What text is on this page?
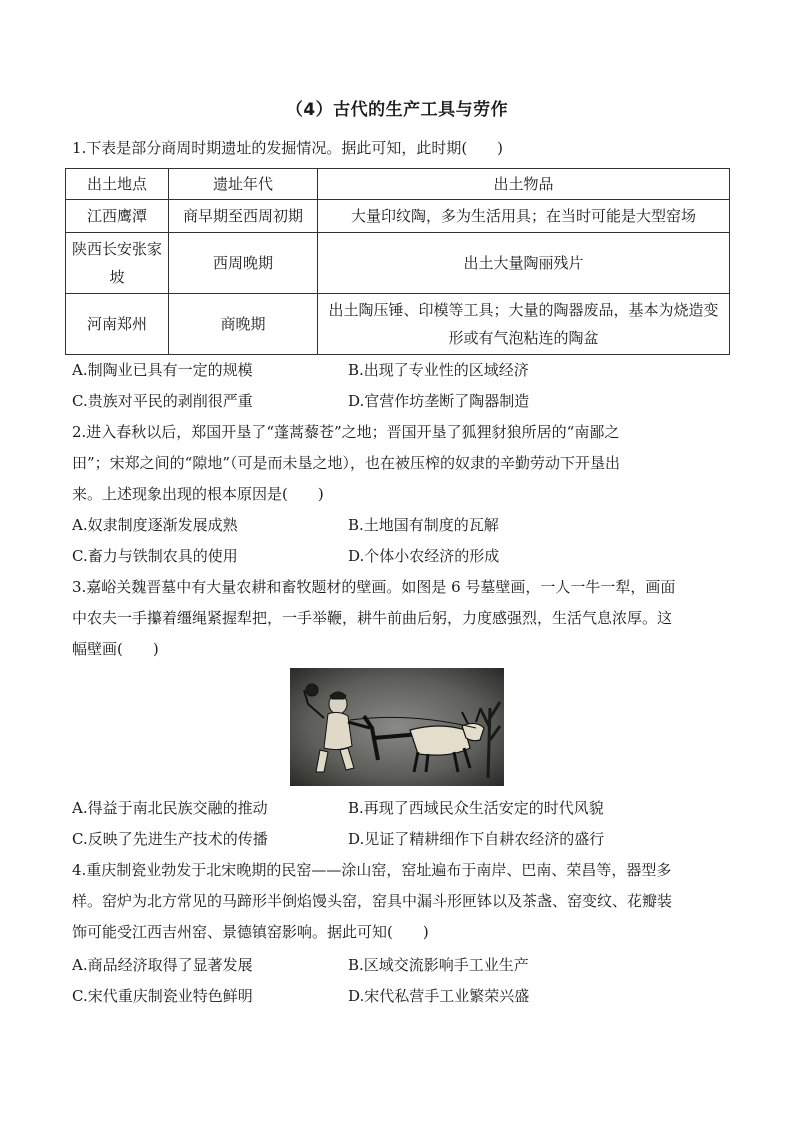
（4）古代的生产工具与劳作
1.下表是部分商周时期遗址的发掘情况。据此可知，此时期(　　)
出土地点	遗址年代	出土物品
江西鹰潭	商早期至西周初期	大量印纹陶，多为生活用具；在当时可能是大型窑场
陕西长安张家坡	西周晚期	出土大量陶丽残片
河南郑州	商晚期	出土陶压锤、印模等工具；大量的陶器废品，基本为烧造变形或有气泡粘连的陶盆
A.制陶业已具有一定的规模	B.出现了专业性的区域经济
C.贵族对平民的剥削很严重	D.官营作坊垄断了陶器制造
2.进入春秋以后，郑国开垦了“蓬蒿藜苍”之地；晋国开垦了狐狸豺狼所居的“南鄙之
田”；宋郑之间的“隙地”（可是而未垦之地），也在被压榨的奴隶的辛勤劳动下开垦出
来。上述现象出现的根本原因是(　　)
A.奴隶制度逐渐发展成熟	B.土地国有制度的瓦解
C.畜力与铁制农具的使用	D.个体小农经济的形成
3.嘉峪关魏晋墓中有大量农耕和畜牧题材的壁画。如图是 6 号墓壁画，一人一牛一犁，画面
中农夫一手攥着缰绳紧握犁把，一手举鞭，耕牛前曲后躬，力度感强烈，生活气息浓厚。这
幅壁画(　　)
A.得益于南北民族交融的推动	B.再现了西域民众生活安定的时代风貌
C.反映了先进生产技术的传播	D.见证了精耕细作下自耕农经济的盛行
4.重庆制瓷业勃发于北宋晚期的民窑——涂山窑，窑址遍布于南岸、巴南、荣昌等，器型多
样。窑炉为北方常见的马蹄形半倒焰馒头窑，窑具中漏斗形匣钵以及茶盏、窑变纹、花瓣装
饰可能受江西吉州窑、景德镇窑影响。据此可知(　　)
A.商品经济取得了显著发展	B.区域交流影响手工业生产
C.宋代重庆制瓷业特色鲜明	D.宋代私营手工业繁荣兴盛
